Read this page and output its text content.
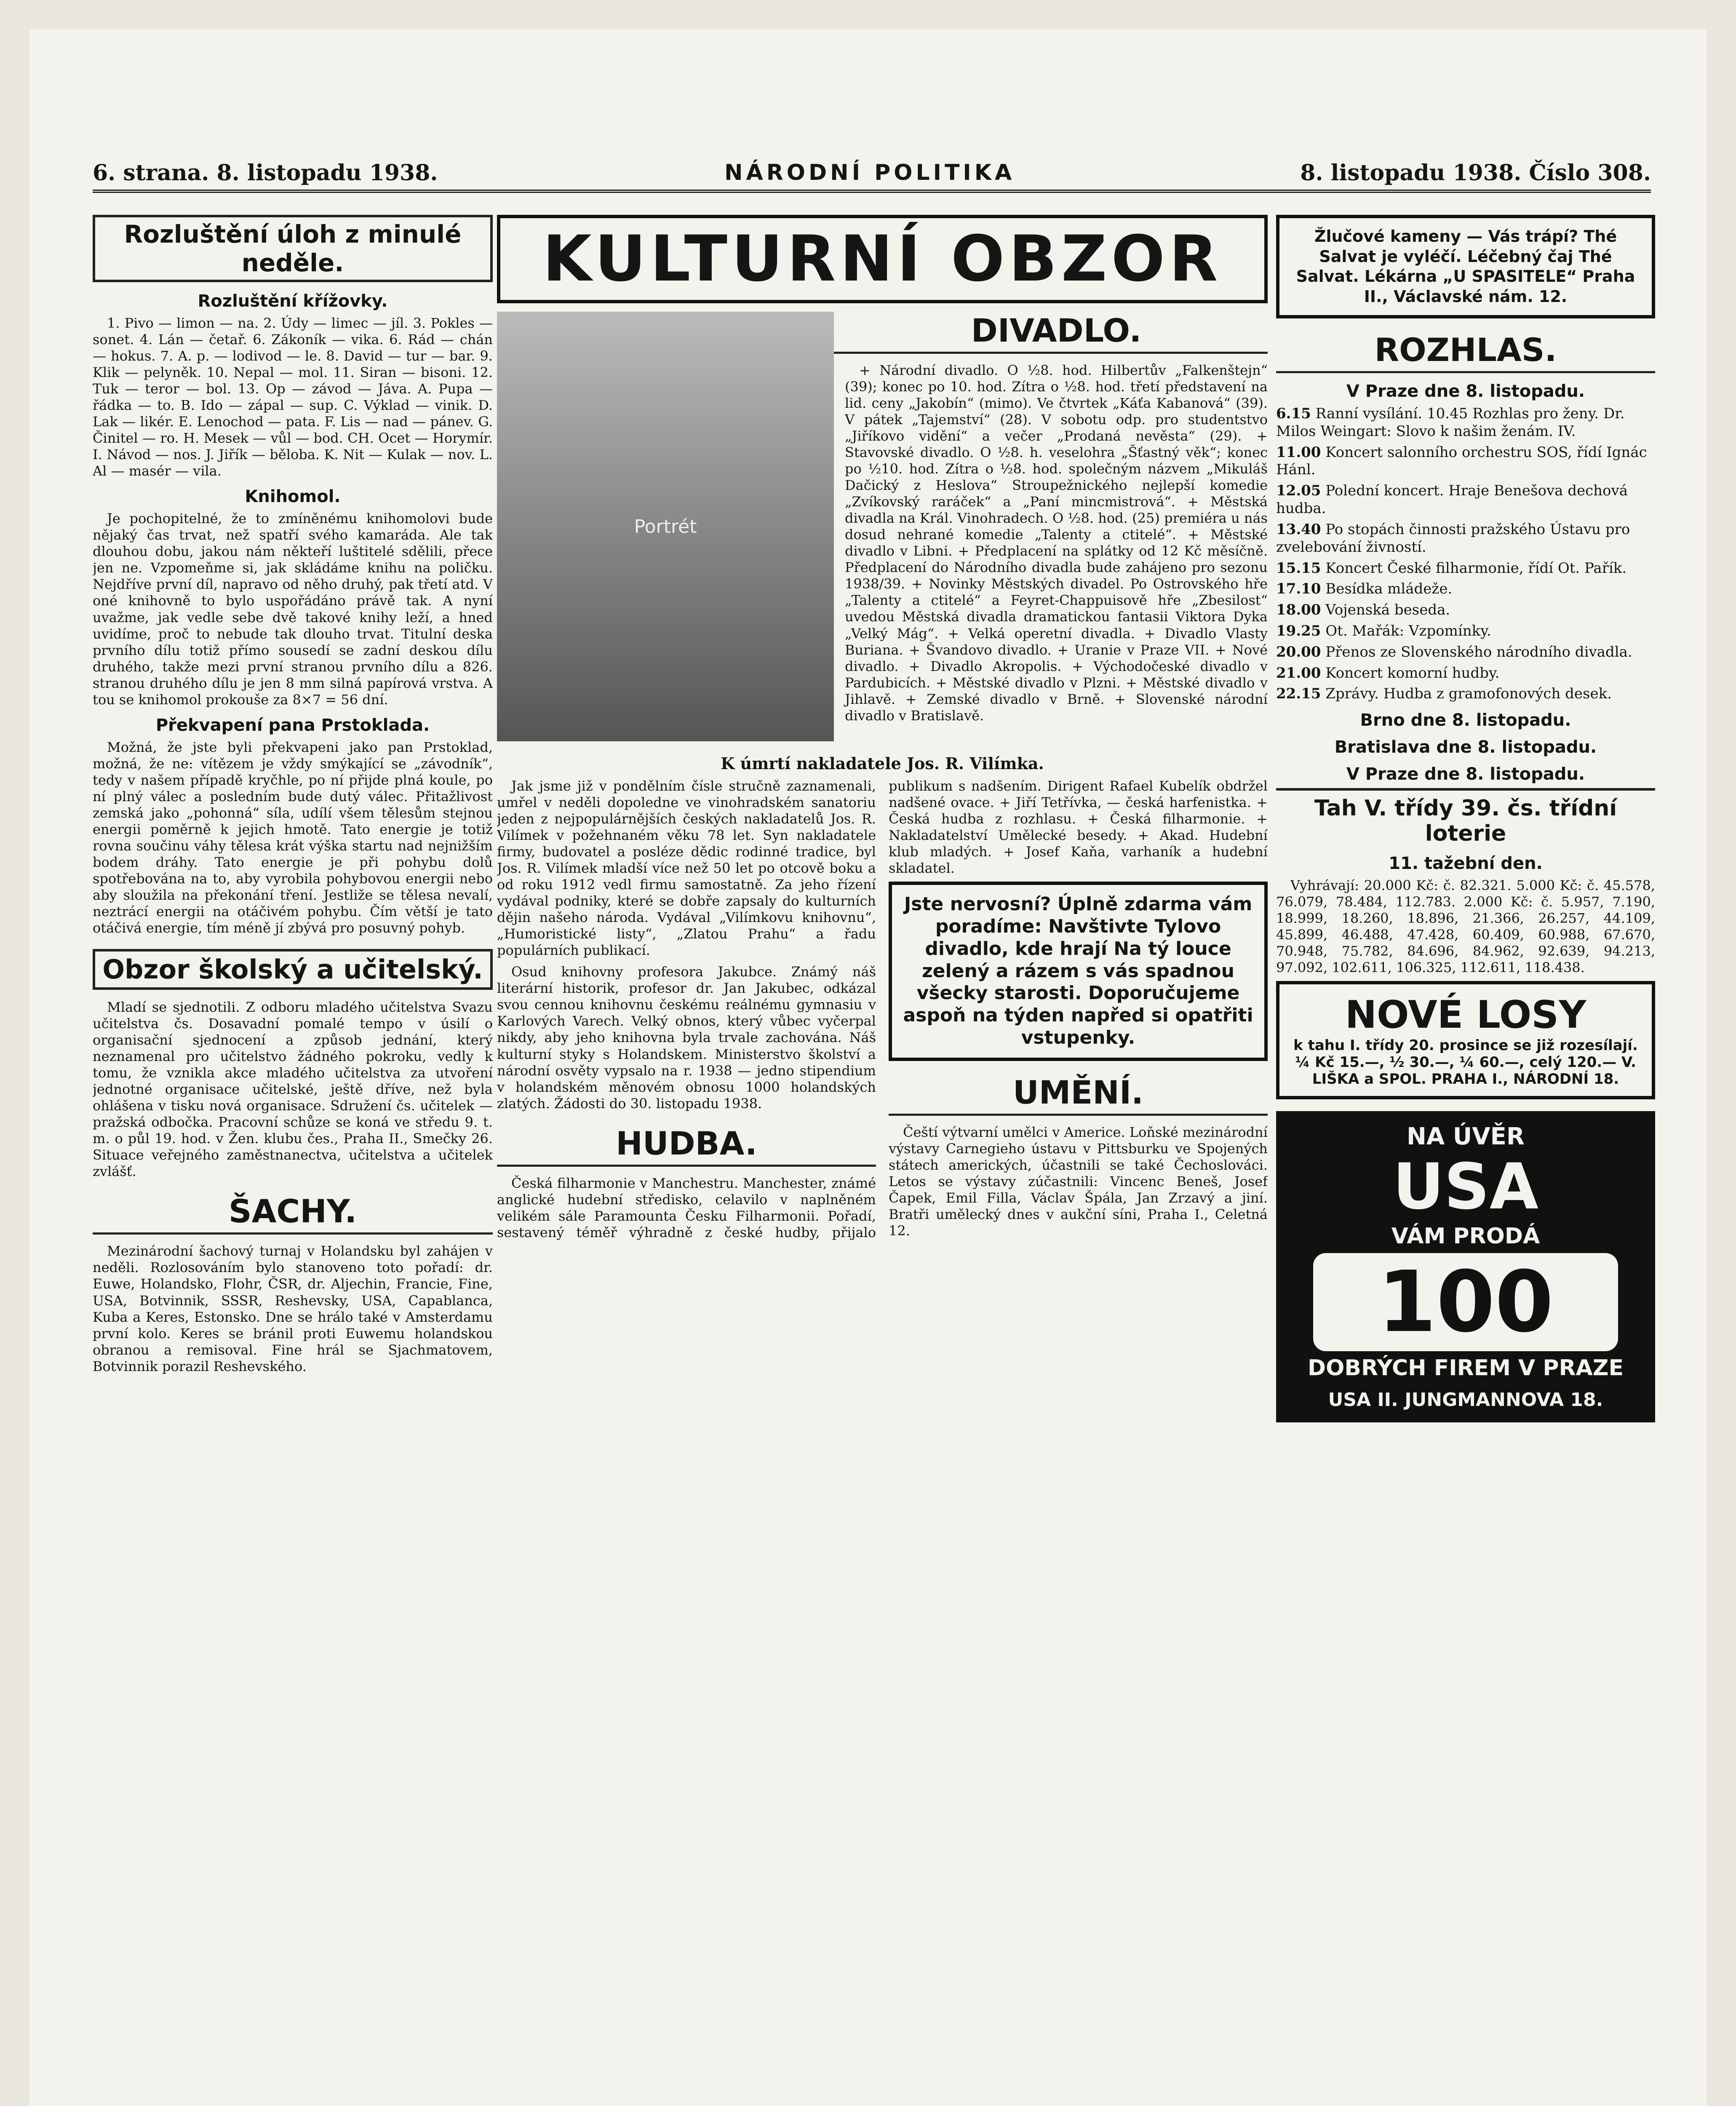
6. strana. 8. listopadu 1938.	NÁRODNÍ POLITIKA	8. listopadu 1938. Číslo 308.
Rozluštění úloh z minulé neděle.
Rozluštění křížovky.

1. Pivo — limon — na. 2. Údy — limec — jíl. 3. Pokles — sonet. 4. Lán — četař. 6. Zákoník — vika. 6. Rád — chán — hokus. 7. A. p. — lodivod — le. 8. David — tur — bar. 9. Klik — pelyněk. 10. Nepal — mol. 11. Siran — bisoni. 12. Tuk — teror — bol. 13. Op — závod — Jáva. A. Pupa — řádka — to. B. Ido — zápal — sup. C. Výklad — vinik. D. Lak — likér. E. Lenochod — pata. F. Lis — nad — pánev. G. Činitel — ro. H. Mesek — vůl — bod. CH. Ocet — Horymír. I. Návod — nos. J. Jiřík — běloba. K. Nit — Kulak — nov. L. Al — masér — vila.

Knihomol.

Je pochopitelné, že to zmíněnému knihomolovi bude nějaký čas trvat, než spatří svého kamaráda. Ale tak dlouhou dobu, jakou nám někteří luštitelé sdělili, přece jen ne. Vzpomeňme si, jak skládáme knihu na poličku. Nejdříve první díl, napravo od něho druhý, pak třetí atd. V oné knihovně to bylo uspořádáno právě tak. A nyní uvažme, jak vedle sebe dvě takové knihy leží, a hned uvidíme, proč to nebude tak dlouho trvat. Titulní deska prvního dílu totiž přímo sousedí se zadní deskou dílu druhého, takže mezi první stranou prvního dílu a 826. stranou druhého dílu je jen 8 mm silná papírová vrstva. A tou se knihomol prokouše za 8×7 = 56 dní.

Překvapení pana Prstoklada.

Možná, že jste byli překvapeni jako pan Prstoklad, možná, že ne: vítězem je vždy smýkající se „závodník“, tedy v našem případě kryčhle, po ní přijde plná koule, po ní plný válec a posledním bude dutý válec. Přitažlivost zemská jako „pohonná“ síla, udílí všem tělesům stejnou energii poměrně k jejich hmotě. Tato energie je totiž rovna součinu váhy tělesa krát výška startu nad nejnižším bodem dráhy. Tato energie je při pohybu dolů spotřebována na to, aby vyrobila pohybovou energii nebo aby sloužila na překonání tření. Jestliže se tělesa nevalí, neztrácí energii na otáčivém pohybu. Čím větší je tato otáčivá energie, tím méně jí zbývá pro posuvný pohyb.

Obzor školský a učitelský.

Mladí se sjednotili. Z odboru mladého učitelstva Svazu učitelstva čs. Dosavadní pomalé tempo v úsilí o organisační sjednocení a způsob jednání, který neznamenal pro učitelstvo žádného pokroku, vedly k tomu, že vznikla akce mladého učitelstva za utvoření jednotné organisace učitelské, ještě dříve, než byla ohlášena v tisku nová organisace. Sdružení čs. učitelek — pražská odbočka. Pracovní schůze se koná ve středu 9. t. m. o půl 19. hod. v Žen. klubu čes., Praha II., Smečky 26. Situace veřejného zaměstnanectva, učitelstva a učitelek zvlášť.

ŠACHY.

Mezinárodní šachový turnaj v Holandsku byl zahájen v neděli. Rozlosováním bylo stanoveno toto pořadí: dr. Euwe, Holandsko, Flohr, ČSR, dr. Aljechin, Francie, Fine, USA, Botvinnik, SSSR, Reshevsky, USA, Capablanca, Kuba a Keres, Estonsko. Dne se hrálo také v Amsterdamu první kolo. Keres se bránil proti Euwemu holandskou obranou a remisoval. Fine hrál se Sjachmatovem, Botvinnik porazil Reshevského.

KULTURNÍ OBZOR
Portrét
DIVADLO.

+ Národní divadlo. O ½8. hod. Hilbertův „Falkenštejn“ (39); konec po 10. hod. Zítra o ½8. hod. třetí představení na lid. ceny „Jakobín“ (mimo). Ve čtvrtek „Káťa Kabanová“ (39). V pátek „Tajemství“ (28). V sobotu odp. pro studentstvo „Jiříkovo vidění“ a večer „Prodaná nevěsta“ (29). + Stavovské divadlo. O ½8. h. veselohra „Šťastný věk“; konec po ½10. hod. Zítra o ½8. hod. společným názvem „Mikuláš Dačický z Heslova“ Stroupežnického nejlepší komedie „Zvíkovský raráček“ a „Paní mincmistrová“. + Městská divadla na Král. Vinohradech. O ½8. hod. (25) premiéra u nás dosud nehrané komedie „Talenty a ctitelé“. + Městské divadlo v Libni. + Předplacení na splátky od 12 Kč měsíčně. Předplacení do Národního divadla bude zahájeno pro sezonu 1938/39. + Novinky Městských divadel. Po Ostrovského hře „Talenty a ctitelé“ a Feyret-Chappuisově hře „Zbesilost“ uvedou Městská divadla dramatickou fantasii Viktora Dyka „Velký Mág“. + Velká operetní divadla. + Divadlo Vlasty Buriana. + Švandovo divadlo. + Uranie v Praze VII. + Nové divadlo. + Divadlo Akropolis. + Východočeské divadlo v Pardubicích. + Městské divadlo v Plzni. + Městské divadlo v Jihlavě. + Zemské divadlo v Brně. + Slovenské národní divadlo v Bratislavě.

K úmrtí nakladatele Jos. R. Vilímka.

Jak jsme již v pondělním čísle stručně zaznamenali, umřel v neděli dopoledne ve vinohradském sanatoriu jeden z nejpopulárnějších českých nakladatelů Jos. R. Vilímek v požehnaném věku 78 let. Syn nakladatele firmy, budovatel a posléze dědic rodinné tradice, byl Jos. R. Vilímek mladší více než 50 let po otcově boku a od roku 1912 vedl firmu samostatně. Za jeho řízení vydával podniky, které se dobře zapsaly do kulturních dějin našeho národa. Vydával „Vilímkovu knihovnu“, „Humoristické listy“, „Zlatou Prahu“ a řadu populárních publikací.

Osud knihovny profesora Jakubce. Známý náš literární historik, profesor dr. Jan Jakubec, odkázal svou cennou knihovnu českému reálnému gymnasiu v Karlových Varech. Velký obnos, který vůbec vyčerpal nikdy, aby jeho knihovna byla trvale zachována. Náš kulturní styky s Holandskem. Ministerstvo školství a národní osvěty vypsalo na r. 1938 — jedno stipendium v holandském měnovém obnosu 1000 holandských zlatých. Žádosti do 30. listopadu 1938.

HUDBA.

Česká filharmonie v Manchestru. Manchester, známé anglické hudební středisko, celavilo v naplněném velikém sále Paramounta Česku Filharmonii. Pořadí, sestavený téměř výhradně z české hudby, přijalo publikum s nadšením. Dirigent Rafael Kubelík obdržel nadšené ovace. + Jiří Tetřívka, — česká harfenistka. + Česká hudba z rozhlasu. + Česká filharmonie. + Nakladatelství Umělecké besedy. + Akad. Hudební klub mladých. + Josef Kaňa, varhaník a hudební skladatel.

Jste nervosní? Úplně zdarma vám poradíme: Navštivte Tylovo divadlo, kde hrají Na tý louce zelený a rázem s vás spadnou všecky starosti. Doporučujeme aspoň na týden napřed si opatřiti vstupenky.
UMĚNÍ.

Čeští výtvarní umělci v Americe. Loňské mezinárodní výstavy Carnegieho ústavu v Pittsburku ve Spojených státech amerických, účastnili se také Čechoslováci. Letos se výstavy zúčastnili: Vincenc Beneš, Josef Čapek, Emil Filla, Václav Špála, Jan Zrzavý a jiní. Bratři umělecký dnes v aukční síni, Praha I., Celetná 12.

Žlučové kameny — Vás trápí? Thé Salvat je vyléčí. Léčebný čaj Thé Salvat. Lékárna „U SPASITELE“ Praha II., Václavské nám. 12.
ROZHLAS.
V Praze dne 8. listopadu.
6.15 Ranní vysílání. 10.45 Rozhlas pro ženy. Dr. Milos Weingart: Slovo k našim ženám. IV.
11.00 Koncert salonního orchestru SOS, řídí Ignác Hánl.
12.05 Polední koncert. Hraje Benešova dechová hudba.
13.40 Po stopách činnosti pražského Ústavu pro zvelebování živností.
15.15 Koncert České filharmonie, řídí Ot. Pařík.
17.10 Besídka mládeže.
18.00 Vojenská beseda.
19.25 Ot. Mařák: Vzpomínky.
20.00 Přenos ze Slovenského národního divadla.
21.00 Koncert komorní hudby.
22.15 Zprávy. Hudba z gramofonových desek.
Brno dne 8. listopadu.
Bratislava dne 8. listopadu.
V Praze dne 8. listopadu.
Tah V. třídy 39. čs. třídní loterie
11. tažební den.

Vyhrávají: 20.000 Kč: č. 82.321. 5.000 Kč: č. 45.578, 76.079, 78.484, 112.783. 2.000 Kč: č. 5.957, 7.190, 18.999, 18.260, 18.896, 21.366, 26.257, 44.109, 45.899, 46.488, 47.428, 60.409, 60.988, 67.670, 70.948, 75.782, 84.696, 84.962, 92.639, 94.213, 97.092, 102.611, 106.325, 112.611, 118.438.

NOVÉ LOSY
k tahu I. třídy 20. prosince se již rozesílají. ¼ Kč 15.—, ½ 30.—, ¼ 60.—, celý 120.— V. LIŠKA a SPOL. PRAHA I., NÁRODNÍ 18.
NA ÚVĚR
USA
VÁM PRODÁ
100
DOBRÝCH FIREM V PRAZE
USA II. JUNGMANNOVA 18.
